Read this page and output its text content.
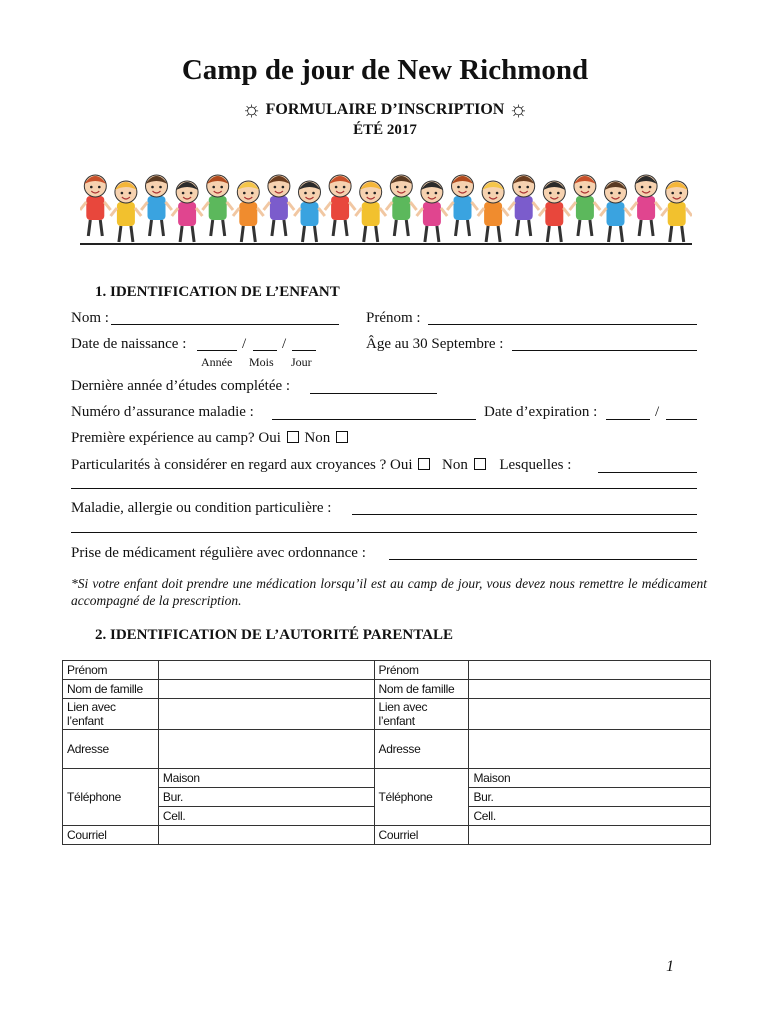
Camp de jour de New Richmond
☼ FORMULAIRE D’INSCRIPTION ☼
ÉTÉ 2017
1. IDENTIFICATION DE L’ENFANT
Nom :	Prénom :
Date de naissance :	/ /
Année Mois Jour
Âge au 30 Septembre :
Dernière année d’études complétée :
Numéro d’assurance maladie :	Date d’expiration :	/
Première expérience au camp? Oui Non
Particularités à considérer en regard aux croyances ? Oui Non Lesquelles :
Maladie, allergie ou condition particulière :
Prise de médicament régulière avec ordonnance :
*Si votre enfant doit prendre une médication lorsqu’il est au camp de jour, vous devez nous remettre le médicament accompagné de la prescription.
2. IDENTIFICATION DE L’AUTORITÉ PARENTALE
Prénom		Prénom	
Nom de famille		Nom de famille	
Lien avec l’enfant		Lien avec l’enfant	
Adresse		Adresse	
Téléphone	Maison	Téléphone	Maison
	Bur.		Bur.
	Cell.		Cell.
Courriel		Courriel	
1
